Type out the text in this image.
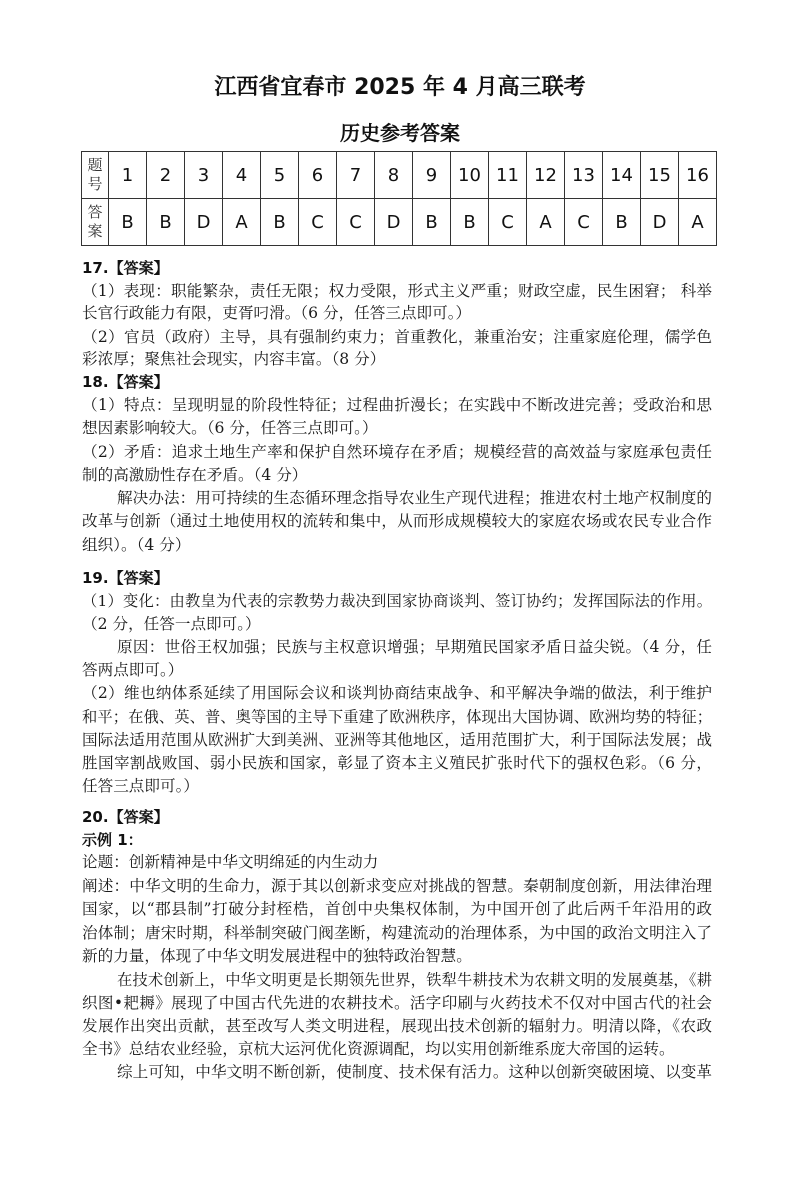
江西省宜春市 2025 年 4 月高三联考
历史参考答案
题
号	1	2	3	4	5	6	7	8	9	10	11	12	13	14	15	16
答
案	B	B	D	A	B	C	C	D	B	B	C	A	C	B	D	A
17.【答案】
（1）表现：职能繁杂，责任无限；权力受限，形式主义严重；财政空虚，民生困窘； 科举
长官行政能力有限，吏胥叼滑。（6 分，任答三点即可。）
（2）官员（政府）主导，具有强制约束力；首重教化，兼重治安；注重家庭伦理，儒学色
彩浓厚；聚焦社会现实，内容丰富。（8 分）
18.【答案】
（1）特点：呈现明显的阶段性特征；过程曲折漫长；在实践中不断改进完善；受政治和思
想因素影响较大。（6 分，任答三点即可。）
（2）矛盾：追求土地生产率和保护自然环境存在矛盾；规模经营的高效益与家庭承包责任
制的高激励性存在矛盾。（4 分）
解决办法：用可持续的生态循环理念指导农业生产现代进程；推进农村土地产权制度的
改革与创新（通过土地使用权的流转和集中，从而形成规模较大的家庭农场或农民专业合作
组织）。（4 分）
19.【答案】
（1）变化：由教皇为代表的宗教势力裁决到国家协商谈判、签订协约；发挥国际法的作用。
（2 分，任答一点即可。）
原因：世俗王权加强；民族与主权意识增强；早期殖民国家矛盾日益尖锐。（4 分，任
答两点即可。）
（2）维也纳体系延续了用国际会议和谈判协商结束战争、和平解决争端的做法，利于维护
和平；在俄、英、普、奥等国的主导下重建了欧洲秩序，体现出大国协调、欧洲均势的特征；
国际法适用范围从欧洲扩大到美洲、亚洲等其他地区，适用范围扩大，利于国际法发展；战
胜国宰割战败国、弱小民族和国家，彰显了资本主义殖民扩张时代下的强权色彩。（6 分，
任答三点即可。）
20.【答案】
示例 1：
论题：创新精神是中华文明绵延的内生动力
阐述：中华文明的生命力，源于其以创新求变应对挑战的智慧。秦朝制度创新，用法律治理
国家，以“郡县制”打破分封桎梏，首创中央集权体制，为中国开创了此后两千年沿用的政
治体制；唐宋时期，科举制突破门阀垄断，构建流动的治理体系，为中国的政治文明注入了
新的力量，体现了中华文明发展进程中的独特政治智慧。
在技术创新上，中华文明更是长期领先世界，铁犁牛耕技术为农耕文明的发展奠基，《耕
织图•耙耨》展现了中国古代先进的农耕技术。活字印刷与火药技术不仅对中国古代的社会
发展作出突出贡献，甚至改写人类文明进程，展现出技术创新的辐射力。明清以降，《农政
全书》总结农业经验，京杭大运河优化资源调配，均以实用创新维系庞大帝国的运转。
综上可知，中华文明不断创新，使制度、技术保有活力。这种以创新突破困境、以变革
